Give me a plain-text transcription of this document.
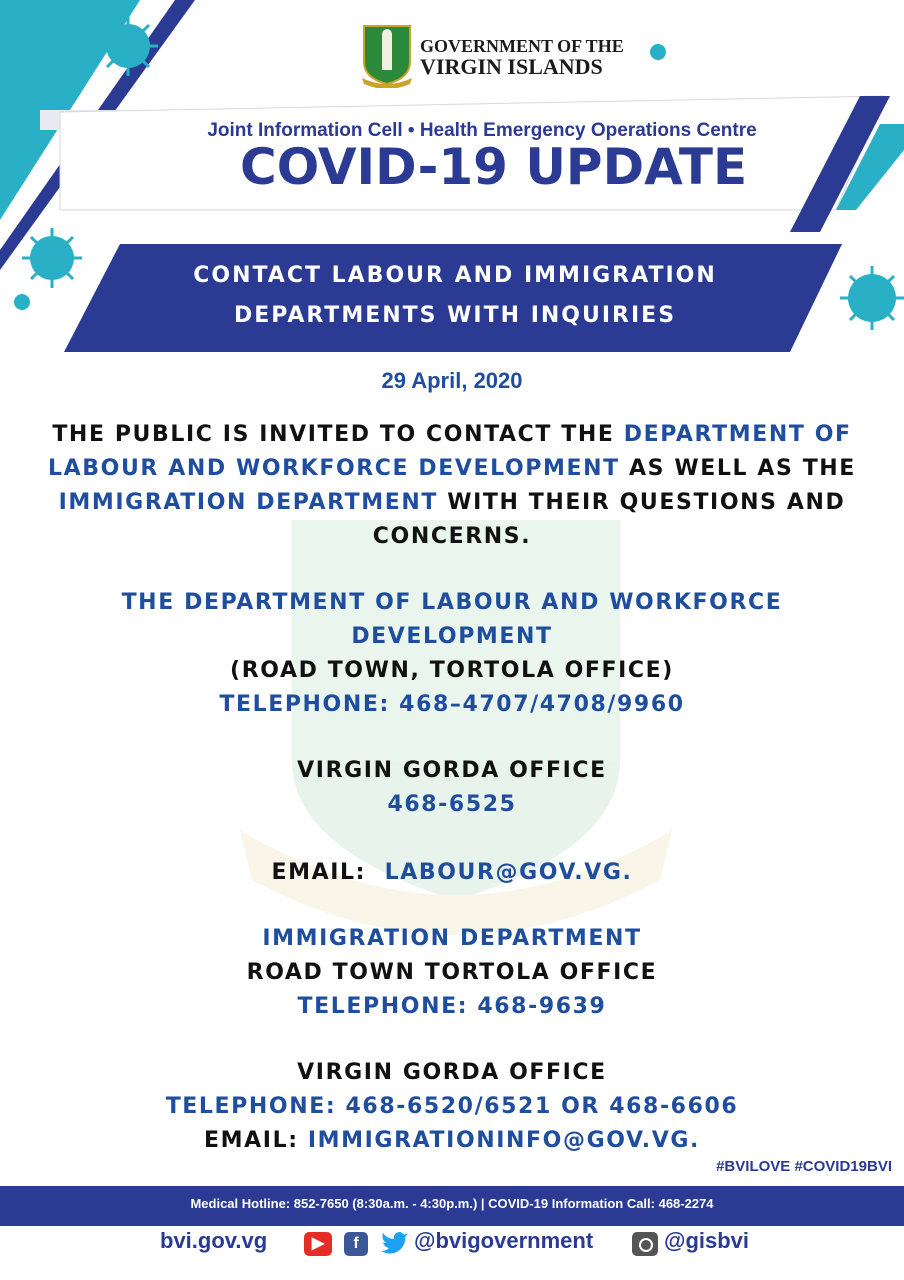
GOVERNMENT OF THE
VIRGIN ISLANDS
Joint Information Cell • Health Emergency Operations Centre
COVID-19 UPDATE
CONTACT LABOUR AND IMMIGRATION
DEPARTMENTS WITH INQUIRIES
29 April, 2020
THE PUBLIC IS INVITED TO CONTACT THE DEPARTMENT OF LABOUR AND WORKFORCE DEVELOPMENT AS WELL AS THE IMMIGRATION DEPARTMENT WITH THEIR QUESTIONS AND CONCERNS.
THE DEPARTMENT OF LABOUR AND WORKFORCE
DEVELOPMENT
(ROAD TOWN, TORTOLA OFFICE)
TELEPHONE: 468–4707/4708/9960
VIRGIN GORDA OFFICE
468-6525
EMAIL: LABOUR@GOV.VG.
IMMIGRATION DEPARTMENT
ROAD TOWN TORTOLA OFFICE
TELEPHONE: 468-9639
VIRGIN GORDA OFFICE
TELEPHONE: 468-6520/6521 OR 468-6606
EMAIL: IMMIGRATIONINFO@GOV.VG.
#BVILOVE #COVID19BVI
Medical Hotline: 852-7650 (8:30a.m. - 4:30p.m.) | COVID-19 Information Call: 468-2274
bvi.gov.vg	▶	f	@bvigovernment	@gisbvi
